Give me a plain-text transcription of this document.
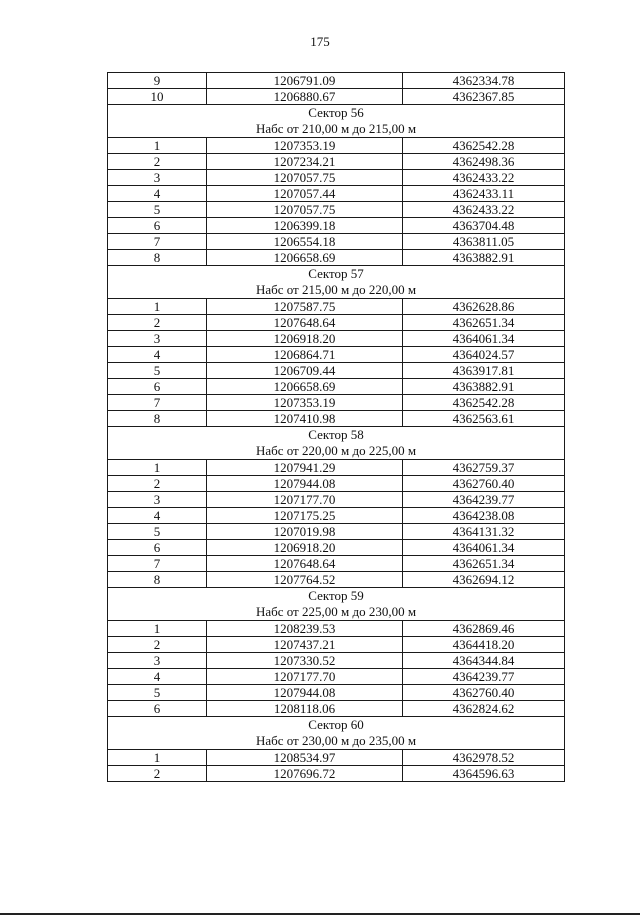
175
9	1206791.09	4362334.78
10	1206880.67	4362367.85
Сектор 56		
Набс от 210,00 м до 215,00 м		
1	1207353.19	4362542.28
2	1207234.21	4362498.36
3	1207057.75	4362433.22
4	1207057.44	4362433.11
5	1207057.75	4362433.22
6	1206399.18	4363704.48
7	1206554.18	4363811.05
8	1206658.69	4363882.91
Сектор 57		
Набс от 215,00 м до 220,00 м		
1	1207587.75	4362628.86
2	1207648.64	4362651.34
3	1206918.20	4364061.34
4	1206864.71	4364024.57
5	1206709.44	4363917.81
6	1206658.69	4363882.91
7	1207353.19	4362542.28
8	1207410.98	4362563.61
Сектор 58		
Набс от 220,00 м до 225,00 м		
1	1207941.29	4362759.37
2	1207944.08	4362760.40
3	1207177.70	4364239.77
4	1207175.25	4364238.08
5	1207019.98	4364131.32
6	1206918.20	4364061.34
7	1207648.64	4362651.34
8	1207764.52	4362694.12
Сектор 59		
Набс от 225,00 м до 230,00 м		
1	1208239.53	4362869.46
2	1207437.21	4364418.20
3	1207330.52	4364344.84
4	1207177.70	4364239.77
5	1207944.08	4362760.40
6	1208118.06	4362824.62
Сектор 60		
Набс от 230,00 м до 235,00 м		
1	1208534.97	4362978.52
2	1207696.72	4364596.63
